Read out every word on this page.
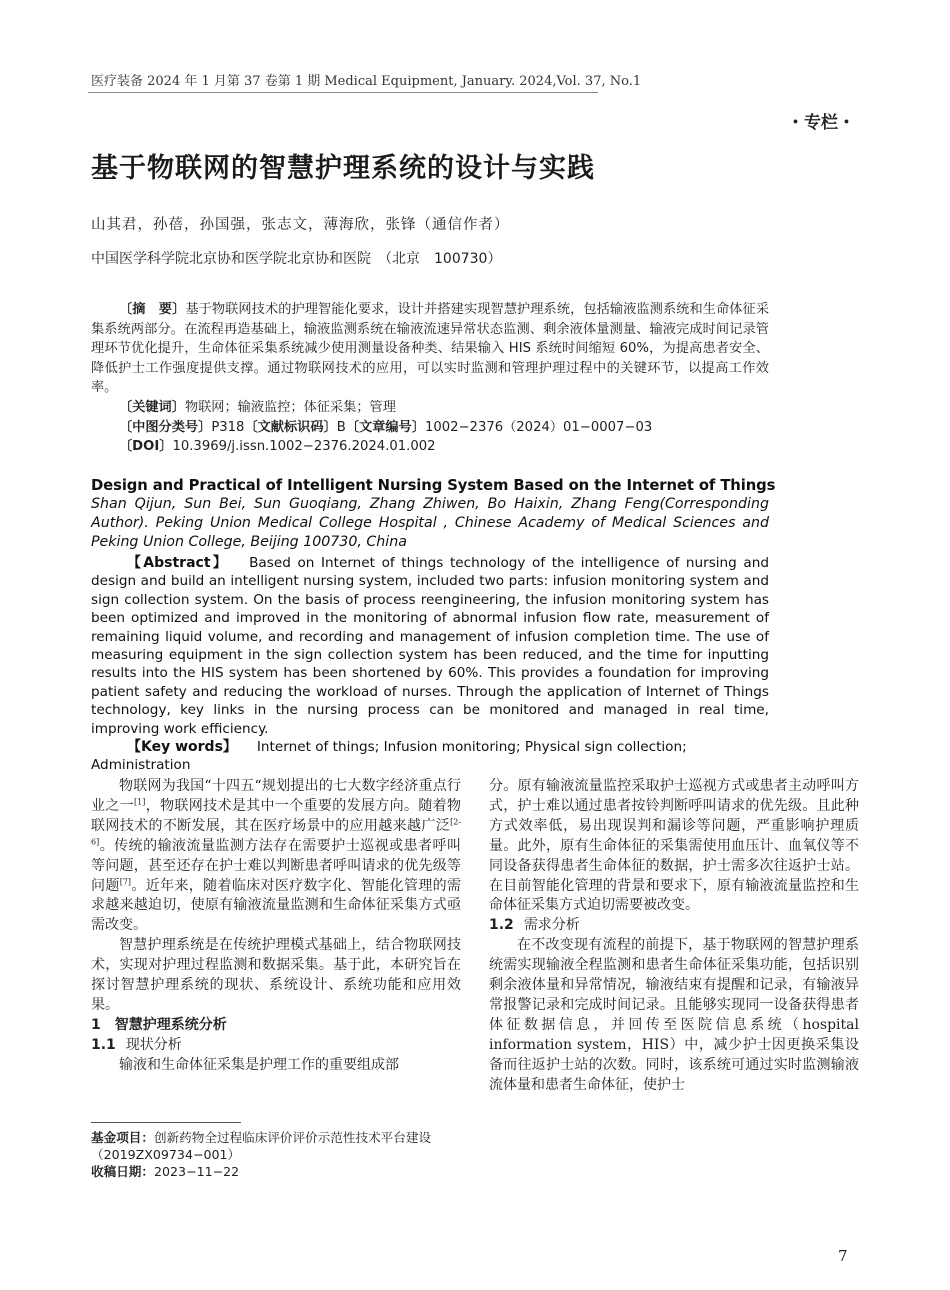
医疗装备 2024 年 1 月第 37 卷第 1 期 Medical Equipment, January. 2024,Vol. 37, No.1
・专栏・
基于物联网的智慧护理系统的设计与实践
山其君，孙蓓，孙国强，张志文，薄海欣，张锋（通信作者）
中国医学科学院北京协和医学院北京协和医院　（北京　100730）

〔摘　要〕基于物联网技术的护理智能化要求，设计并搭建实现智慧护理系统，包括输液监测系统和生命体征采集系统两部分。在流程再造基础上，输液监测系统在输液流速异常状态监测、剩余液体量测量、输液完成时间记录管理环节优化提升，生命体征采集系统减少使用测量设备种类、结果输入 HIS 系统时间缩短 60%，为提高患者安全、降低护士工作强度提供支撑。通过物联网技术的应用，可以实时监测和管理护理过程中的关键环节，以提高工作效率。

〔关键词〕物联网；输液监控；体征采集；管理

〔中图分类号〕P318〔文献标识码〕B〔文章编号〕1002−2376（2024）01−0007−03

〔DOI〕10.3969/j.issn.1002−2376.2024.01.002

Design and Practical of Intelligent Nursing System Based on the Internet of Things
Shan Qijun, Sun Bei, Sun Guoqiang, Zhang Zhiwen, Bo Haixin, Zhang Feng(Corresponding Author). Peking Union Medical College Hospital , Chinese Academy of Medical Sciences and Peking Union College, Beijing 100730, China
【Abstract】 Based on Internet of things technology of the intelligence of nursing and design and build an intelligent nursing system, included two parts: infusion monitoring system and sign collection system. On the basis of process reengineering, the infusion monitoring system has been optimized and improved in the monitoring of abnormal infusion flow rate, measurement of remaining liquid volume, and recording and management of infusion completion time. The use of measuring equipment in the sign collection system has been reduced, and the time for inputting results into the HIS system has been shortened by 60%. This provides a foundation for improving patient safety and reducing the workload of nurses. Through the application of Internet of Things technology, key links in the nursing process can be monitored and managed in real time, improving work efficiency.
【Key words】 Internet of things; Infusion monitoring; Physical sign collection; Administration

物联网为我国“十四五“规划提出的七大数字经济重点行业之一[1]，物联网技术是其中一个重要的发展方向。随着物联网技术的不断发展，其在医疗场景中的应用越来越广泛[2-6]。传统的输液流量监测方法存在需要护士巡视或患者呼叫等问题，甚至还存在护士难以判断患者呼叫请求的优先级等问题[7]。近年来，随着临床对医疗数字化、智能化管理的需求越来越迫切，使原有输液流量监测和生命体征采集方式亟需改变。

智慧护理系统是在传统护理模式基础上，结合物联网技术，实现对护理过程监测和数据采集。基于此，本研究旨在探讨智慧护理系统的现状、系统设计、系统功能和应用效果。

1　 智慧护理系统分析

1.1 现状分析

输液和生命体征采集是护理工作的重要组成部

基金项目：创新药物全过程临床评价评价示范性技术平台建设（2019ZX09734−001）

收稿日期：2023−11−22

分。原有输液流量监控采取护士巡视方式或患者主动呼叫方式，护士难以通过患者按铃判断呼叫请求的优先级。且此种方式效率低，易出现误判和漏诊等问题，严重影响护理质量。此外，原有生命体征的采集需使用血压计、血氧仪等不同设备获得患者生命体征的数据，护士需多次往返护士站。在目前智能化管理的背景和要求下，原有输液流量监控和生命体征采集方式迫切需要被改变。

1.2 需求分析

在不改变现有流程的前提下，基于物联网的智慧护理系统需实现输液全程监测和患者生命体征采集功能，包括识别剩余液体量和异常情况，输液结束有提醒和记录，有输液异常报警记录和完成时间记录。且能够实现同一设备获得患者体征数据信息，并回传至医院信息系统（hospital information system，HIS）中，减少护士因更换采集设备而往返护士站的次数。同时，该系统可通过实时监测输液流体量和患者生命体征，使护士

7
